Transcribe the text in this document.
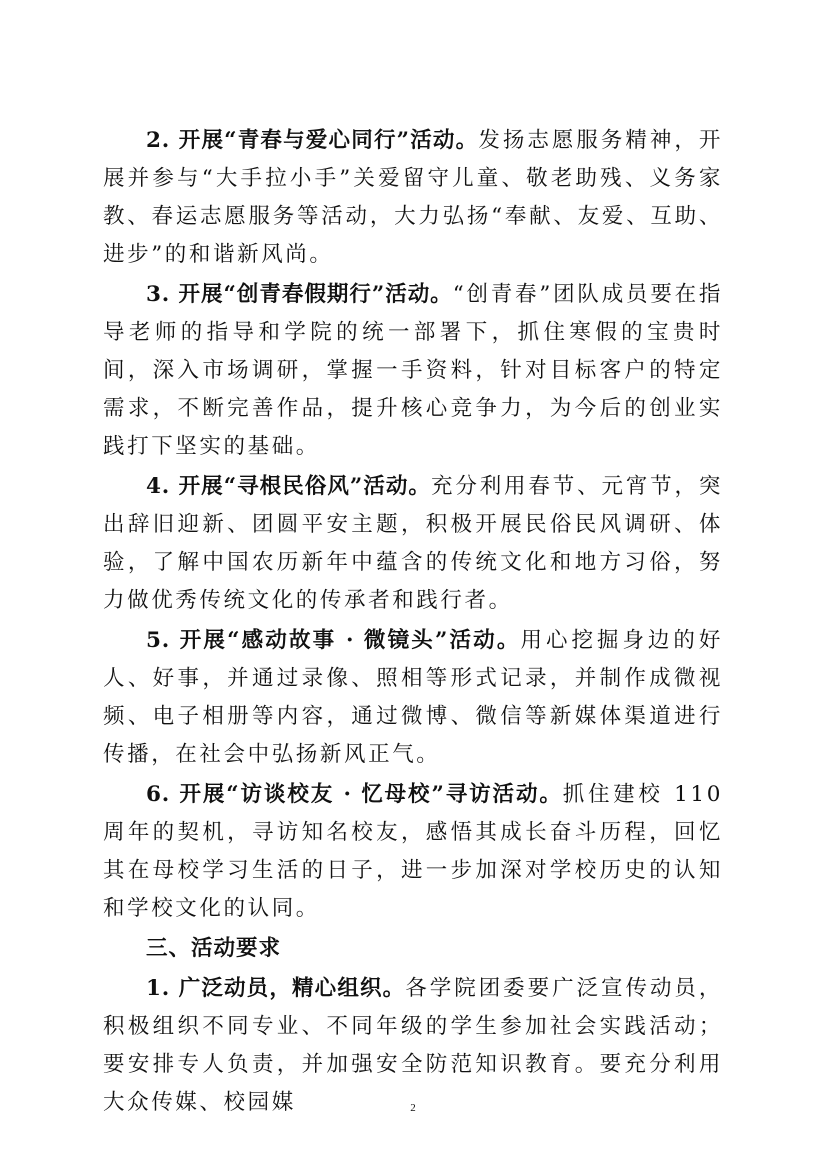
2. 开展“青春与爱心同行”活动。发扬志愿服务精神，开展并参与“大手拉小手”关爱留守儿童、敬老助残、义务家教、春运志愿服务等活动，大力弘扬“奉献、友爱、互助、进步”的和谐新风尚。

3. 开展“创青春假期行”活动。“创青春”团队成员要在指导老师的指导和学院的统一部署下，抓住寒假的宝贵时间，深入市场调研，掌握一手资料，针对目标客户的特定需求，不断完善作品，提升核心竞争力，为今后的创业实践打下坚实的基础。

4. 开展“寻根民俗风”活动。充分利用春节、元宵节，突出辞旧迎新、团圆平安主题，积极开展民俗民风调研、体验，了解中国农历新年中蕴含的传统文化和地方习俗，努力做优秀传统文化的传承者和践行者。

5. 开展“感动故事 · 微镜头”活动。用心挖掘身边的好人、好事，并通过录像、照相等形式记录，并制作成微视频、电子相册等内容，通过微博、微信等新媒体渠道进行传播，在社会中弘扬新风正气。

6. 开展“访谈校友 · 忆母校”寻访活动。抓住建校 110 周年的契机，寻访知名校友，感悟其成长奋斗历程，回忆其在母校学习生活的日子，进一步加深对学校历史的认知和学校文化的认同。

三、活动要求

1. 广泛动员，精心组织。各学院团委要广泛宣传动员，积极组织不同专业、不同年级的学生参加社会实践活动；要安排专人负责，并加强安全防范知识教育。要充分利用大众传媒、校园媒	2
